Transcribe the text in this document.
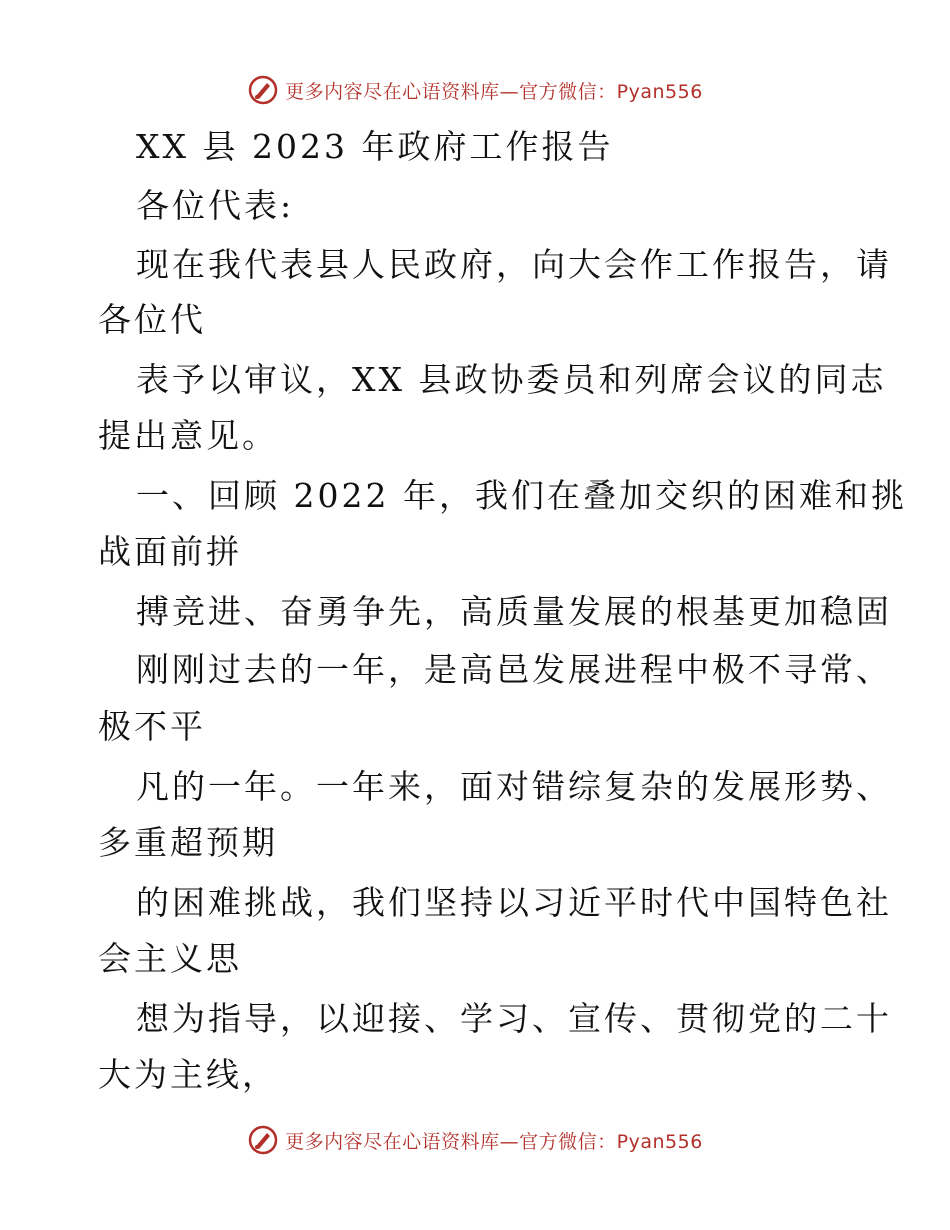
更多内容尽在心语资料库—官方微信：Pyan556
XX 县 2023 年政府工作报告
各位代表:
现在我代表县人民政府，向大会作工作报告，请
各位代
表予以审议，XX 县政协委员和列席会议的同志
提出意见。
一、回顾 2022 年，我们在叠加交织的困难和挑
战面前拼
搏竞进、奋勇争先，高质量发展的根基更加稳固
刚刚过去的一年，是高邑发展进程中极不寻常、
极不平
凡的一年。一年来，面对错综复杂的发展形势、
多重超预期
的困难挑战，我们坚持以习近平时代中国特色社
会主义思
想为指导，以迎接、学习、宣传、贯彻党的二十
大为主线，
更多内容尽在心语资料库—官方微信：Pyan556
